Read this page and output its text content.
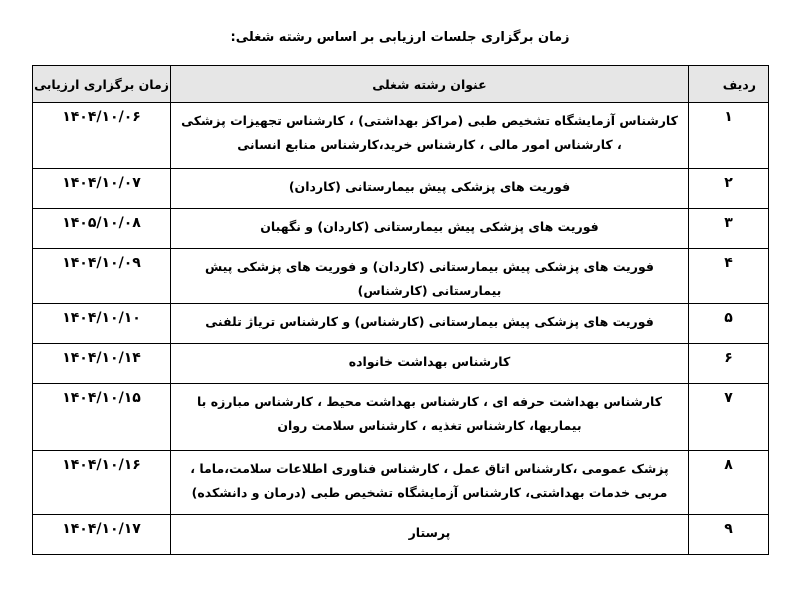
زمان برگزاری جلسات ارزیابی بر اساس رشته شغلی:
ردیف	عنوان رشته شغلی	زمان برگزاری ارزیابی
۱	کارشناس آزمایشگاه تشخیص طبی (مراکز بهداشتی) ، کارشناس تجهیزات پزشکی ، کارشناس امور مالی ، کارشناس خرید،کارشناس منابع انسانی	۱۴۰۴/۱۰/۰۶
۲	فوریت های پزشکی پیش بیمارستانی (کاردان)	۱۴۰۴/۱۰/۰۷
۳	فوریت های پزشکی پیش بیمارستانی (کاردان) و نگهبان	۱۴۰۵/۱۰/۰۸
۴	فوریت های پزشکی پیش بیمارستانی (کاردان) و فوریت های پزشکی پیش بیمارستانی (کارشناس)	۱۴۰۴/۱۰/۰۹
۵	فوریت های پزشکی پیش بیمارستانی (کارشناس) و کارشناس تریاژ تلفنی	۱۴۰۴/۱۰/۱۰
۶	کارشناس بهداشت خانواده	۱۴۰۴/۱۰/۱۴
۷	کارشناس بهداشت حرفه ای ، کارشناس بهداشت محیط ، کارشناس مبارزه با بیماریها، کارشناس تغذیه ، کارشناس سلامت روان	۱۴۰۴/۱۰/۱۵
۸	پزشک عمومی ،کارشناس اتاق عمل ، کارشناس فناوری اطلاعات سلامت،ماما ، مربی خدمات بهداشتی، کارشناس آزمایشگاه تشخیص طبی (درمان و دانشکده)	۱۴۰۴/۱۰/۱۶
۹	پرستار	۱۴۰۴/۱۰/۱۷
